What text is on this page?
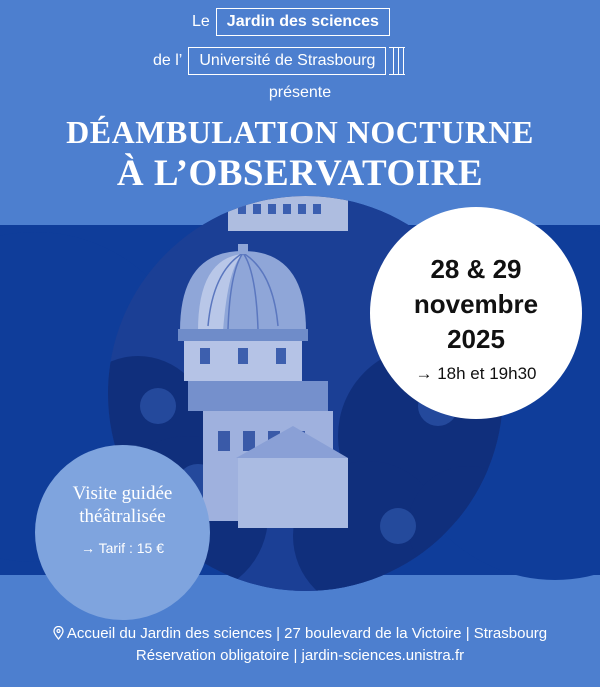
Le	Jardin des sciences
de l’	Université de Strasbourg
présente
DÉAMBULATION NOCTURNE
À L’OBSERVATOIRE
28 & 29
novembre
2025
→ 18h et 19h30
Visite guidée
théâtralisée
→ Tarif : 15 €
Accueil du Jardin des sciences | 27 boulevard de la Victoire | Strasbourg
Réservation obligatoire | jardin-sciences.unistra.fr
